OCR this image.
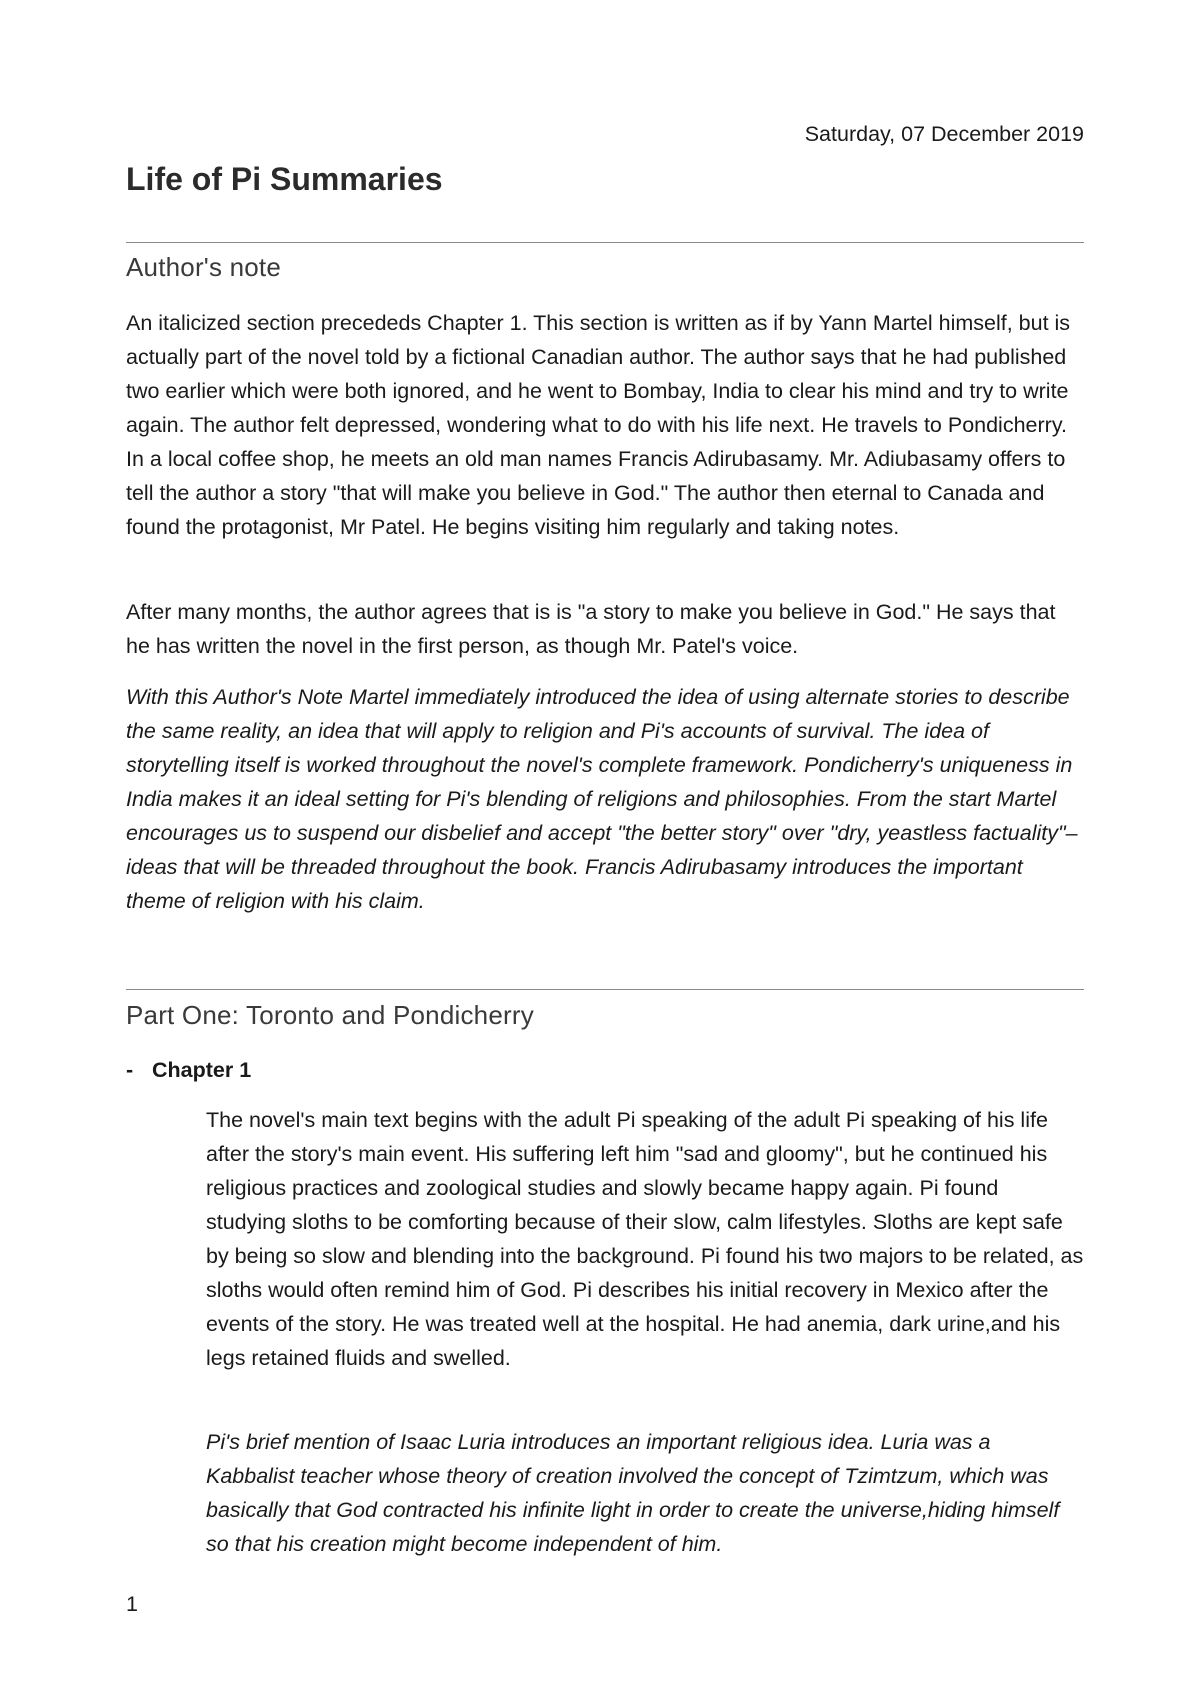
Saturday, 07 December 2019
Life of Pi Summaries
Author's note

An italicized section precededs Chapter 1. This section is written as if by Yann Martel himself, but is actually part of the novel told by a fictional Canadian author. The author says that he had published two earlier which were both ignored, and he went to Bombay, India to clear his mind and try to write again. The author felt depressed, wondering what to do with his life next. He travels to Pondicherry. In a local coffee shop, he meets an old man names Francis Adirubasamy. Mr. Adiubasamy offers to tell the author a story "that will make you believe in God." The author then eternal to Canada and found the protagonist, Mr Patel. He begins visiting him regularly and taking notes.

After many months, the author agrees that is is "a story to make you believe in God." He says that he has written the novel in the first person, as though Mr. Patel's voice.

With this Author's Note Martel immediately introduced the idea of using alternate stories to describe the same reality, an idea that will apply to religion and Pi's accounts of survival. The idea of storytelling itself is worked throughout the novel's complete framework. Pondicherry's uniqueness in India makes it an ideal setting for Pi's blending of religions and philosophies. From the start Martel encourages us to suspend our disbelief and accept "the better story" over "dry, yeastless factuality"– ideas that will be threaded throughout the book. Francis Adirubasamy introduces the important theme of religion with his claim.

Part One: Toronto and Pondicherry
- Chapter 1

The novel's main text begins with the adult Pi speaking of the adult Pi speaking of his life after the story's main event. His suffering left him "sad and gloomy", but he continued his religious practices and zoological studies and slowly became happy again. Pi found studying sloths to be comforting because of their slow, calm lifestyles. Sloths are kept safe by being so slow and blending into the background. Pi found his two majors to be related, as sloths would often remind him of God. Pi describes his initial recovery in Mexico after the events of the story. He was treated well at the hospital. He had anemia, dark urine,and his legs retained fluids and swelled.

Pi's brief mention of Isaac Luria introduces an important religious idea. Luria was a Kabbalist teacher whose theory of creation involved the concept of Tzimtzum, which was basically that God contracted his infinite light in order to create the universe,hiding himself so that his creation might become independent of him.

1
